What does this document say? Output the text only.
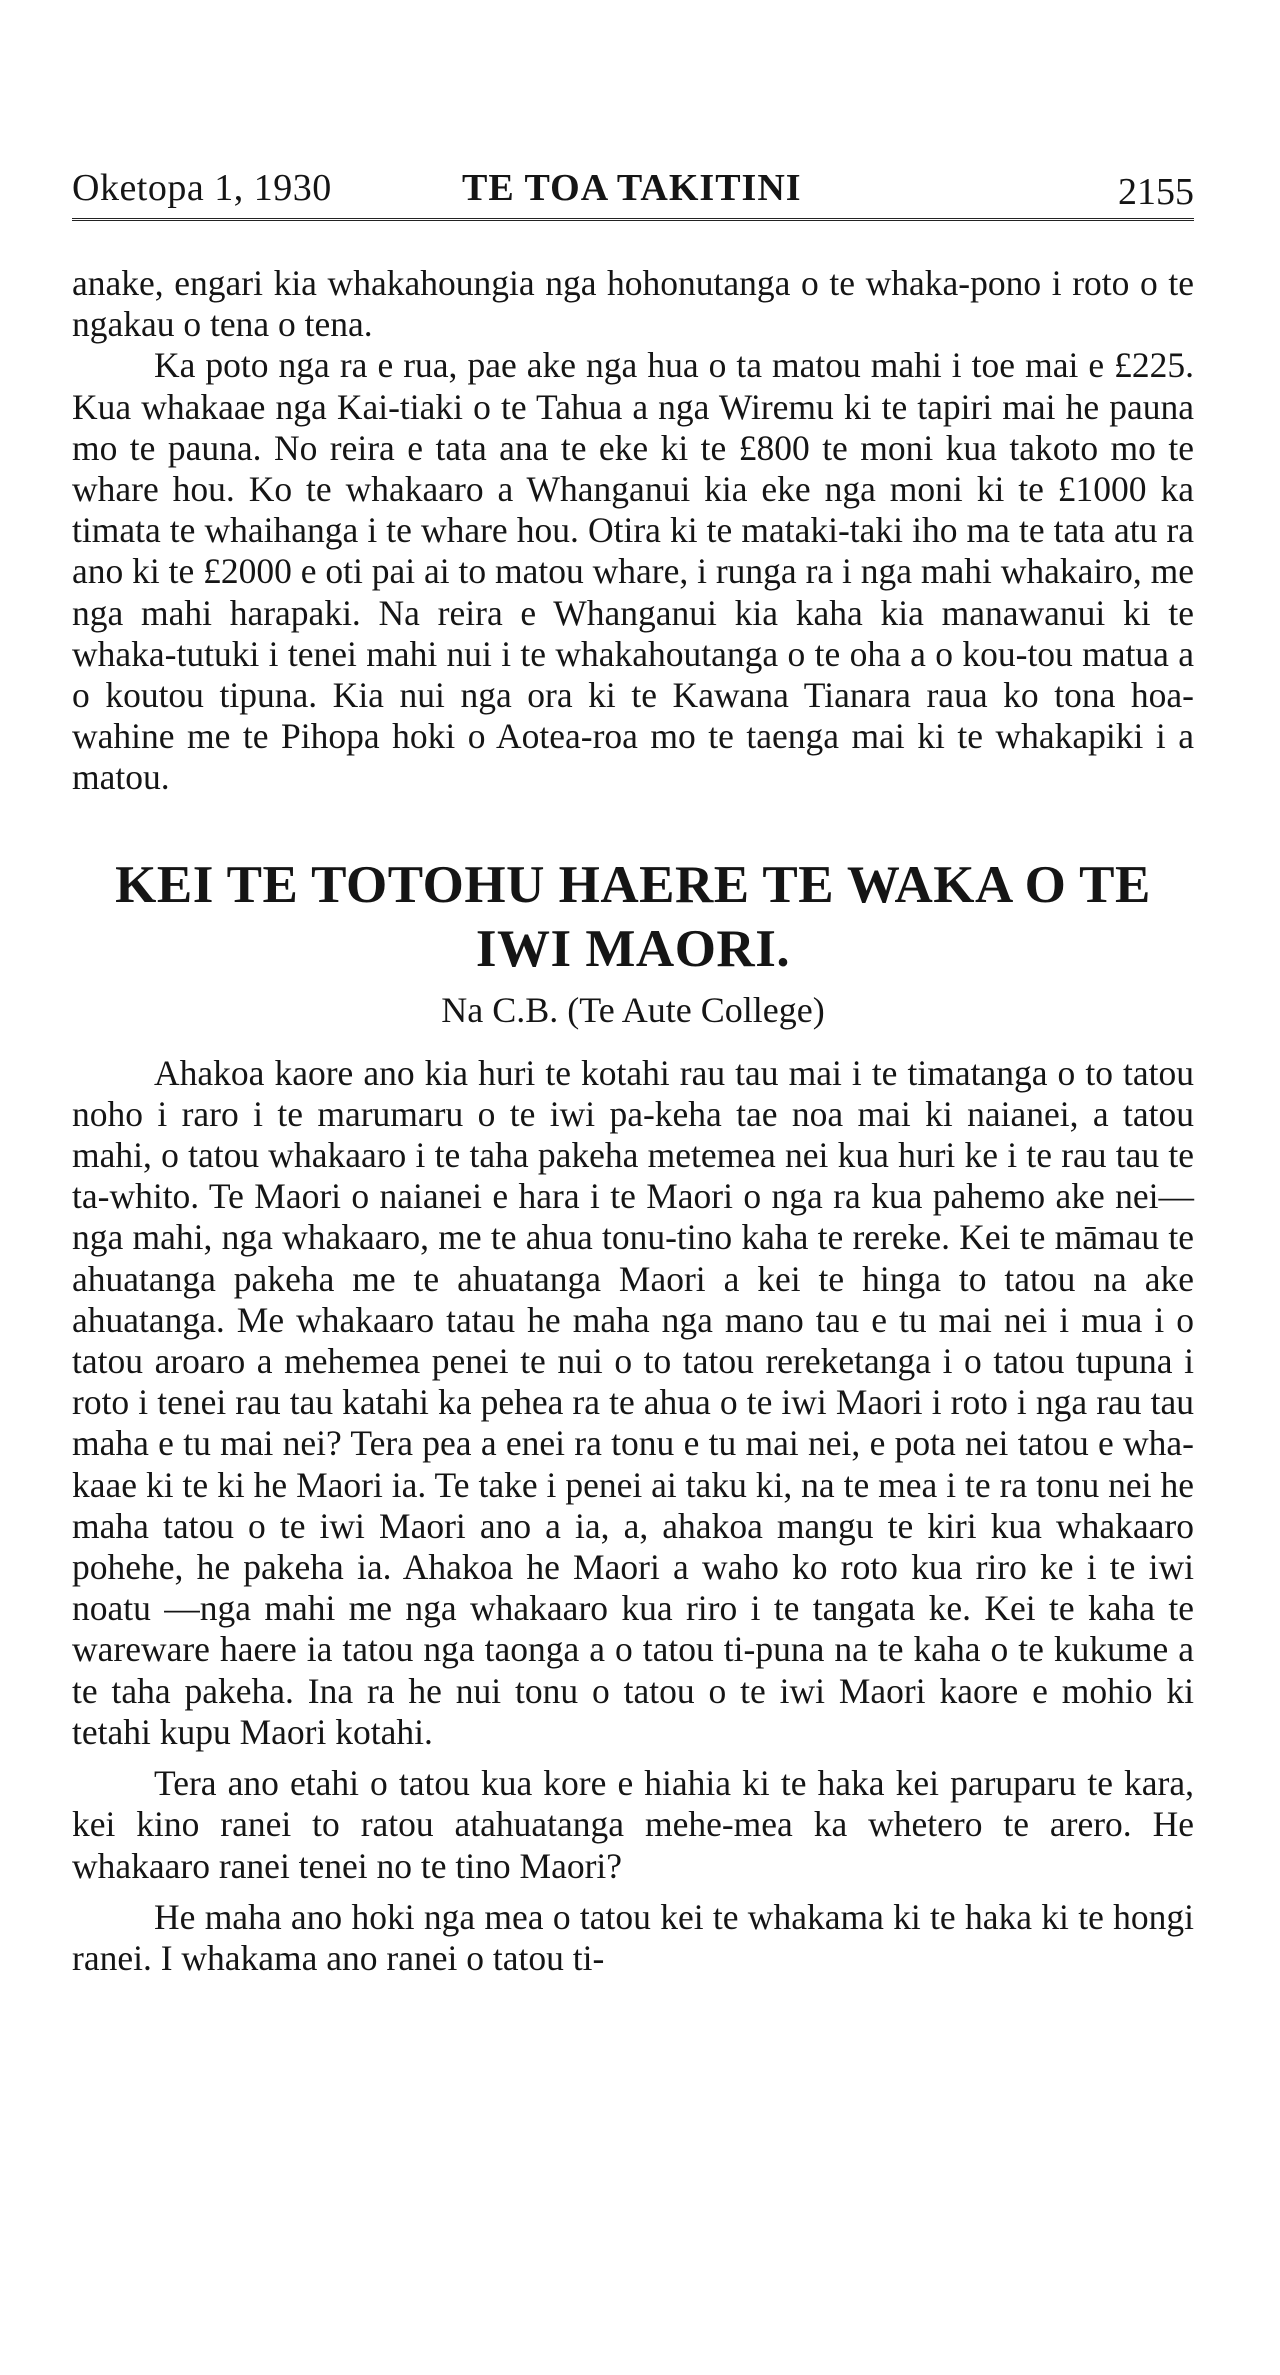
Oketopa 1, 1930	TE TOA TAKITINI	2155

anake, engari kia whakahoungia nga hohonutanga o te whaka-pono i roto o te ngakau o tena o tena.

Ka poto nga ra e rua, pae ake nga hua o ta matou mahi i toe mai e £225. Kua whakaae nga Kai-tiaki o te Tahua a nga Wiremu ki te tapiri mai he pauna mo te pauna. No reira e tata ana te eke ki te £800 te moni kua takoto mo te whare hou. Ko te whakaaro a Whanganui kia eke nga moni ki te £1000 ka timata te whaihanga i te whare hou. Otira ki te mataki-taki iho ma te tata atu ra ano ki te £2000 e oti pai ai to matou whare, i runga ra i nga mahi whakairo, me nga mahi harapaki. Na reira e Whanganui kia kaha kia manawanui ki te whaka-tutuki i tenei mahi nui i te whakahoutanga o te oha a o kou-tou matua a o koutou tipuna. Kia nui nga ora ki te Kawana Tianara raua ko tona hoa-wahine me te Pihopa hoki o Aotea-roa mo te taenga mai ki te whakapiki i a matou.

KEI TE TOTOHU HAERE TE WAKA O TE IWI MAORI.
Na C.B. (Te Aute College)

Ahakoa kaore ano kia huri te kotahi rau tau mai i te timatanga o to tatou noho i raro i te marumaru o te iwi pa-keha tae noa mai ki naianei, a tatou mahi, o tatou whakaaro i te taha pakeha metemea nei kua huri ke i te rau tau te ta-whito. Te Maori o naianei e hara i te Maori o nga ra kua pahemo ake nei—nga mahi, nga whakaaro, me te ahua tonu-tino kaha te rereke. Kei te māmau te ahuatanga pakeha me te ahuatanga Maori a kei te hinga to tatou na ake ahuatanga. Me whakaaro tatau he maha nga mano tau e tu mai nei i mua i o tatou aroaro a mehemea penei te nui o to tatou rereketanga i o tatou tupuna i roto i tenei rau tau katahi ka pehea ra te ahua o te iwi Maori i roto i nga rau tau maha e tu mai nei? Tera pea a enei ra tonu e tu mai nei, e pota nei tatou e wha-kaae ki te ki he Maori ia. Te take i penei ai taku ki, na te mea i te ra tonu nei he maha tatou o te iwi Maori ano a ia, a, ahakoa mangu te kiri kua whakaaro pohehe, he pakeha ia. Ahakoa he Maori a waho ko roto kua riro ke i te iwi noatu —nga mahi me nga whakaaro kua riro i te tangata ke. Kei te kaha te wareware haere ia tatou nga taonga a o tatou ti-puna na te kaha o te kukume a te taha pakeha. Ina ra he nui tonu o tatou o te iwi Maori kaore e mohio ki tetahi kupu Maori kotahi.

Tera ano etahi o tatou kua kore e hiahia ki te haka kei paruparu te kara, kei kino ranei to ratou atahuatanga mehe-mea ka whetero te arero. He whakaaro ranei tenei no te tino Maori?

He maha ano hoki nga mea o tatou kei te whakama ki te haka ki te hongi ranei. I whakama ano ranei o tatou ti-
